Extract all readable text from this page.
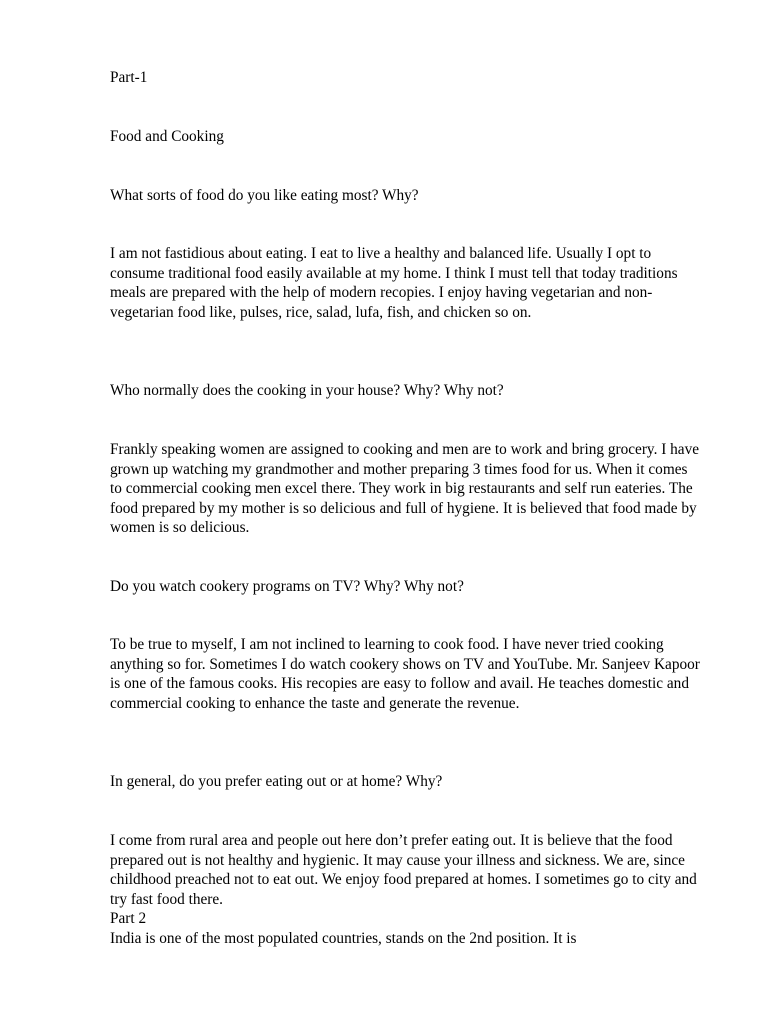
Part-1

Food and Cooking

What sorts of food do you like eating most? Why?

I am not fastidious about eating. I eat to live a healthy and balanced life. Usually I opt to consume traditional food easily available at my home. I think I must tell that today traditions meals are prepared with the help of modern recopies. I enjoy having vegetarian and non-vegetarian food like, pulses, rice, salad, lufa, fish, and chicken so on.

Who normally does the cooking in your house? Why? Why not?

Frankly speaking women are assigned to cooking and men are to work and bring grocery. I have grown up watching my grandmother and mother preparing 3 times food for us. When it comes to commercial cooking men excel there. They work in big restaurants and self run eateries. The food prepared by my mother is so delicious and full of hygiene. It is believed that food made by women is so delicious.

Do you watch cookery programs on TV? Why? Why not?

To be true to myself, I am not inclined to learning to cook food. I have never tried cooking anything so for. Sometimes I do watch cookery shows on TV and YouTube. Mr. Sanjeev Kapoor is one of the famous cooks. His recopies are easy to follow and avail. He teaches domestic and commercial cooking to enhance the taste and generate the revenue.

In general, do you prefer eating out or at home? Why?

I come from rural area and people out here don’t prefer eating out. It is believe that the food prepared out is not healthy and hygienic. It may cause your illness and sickness. We are, since childhood preached not to eat out. We enjoy food prepared at homes. I sometimes go to city and try fast food there.

Part 2

India is one of the most populated countries, stands on the 2nd position. It is
